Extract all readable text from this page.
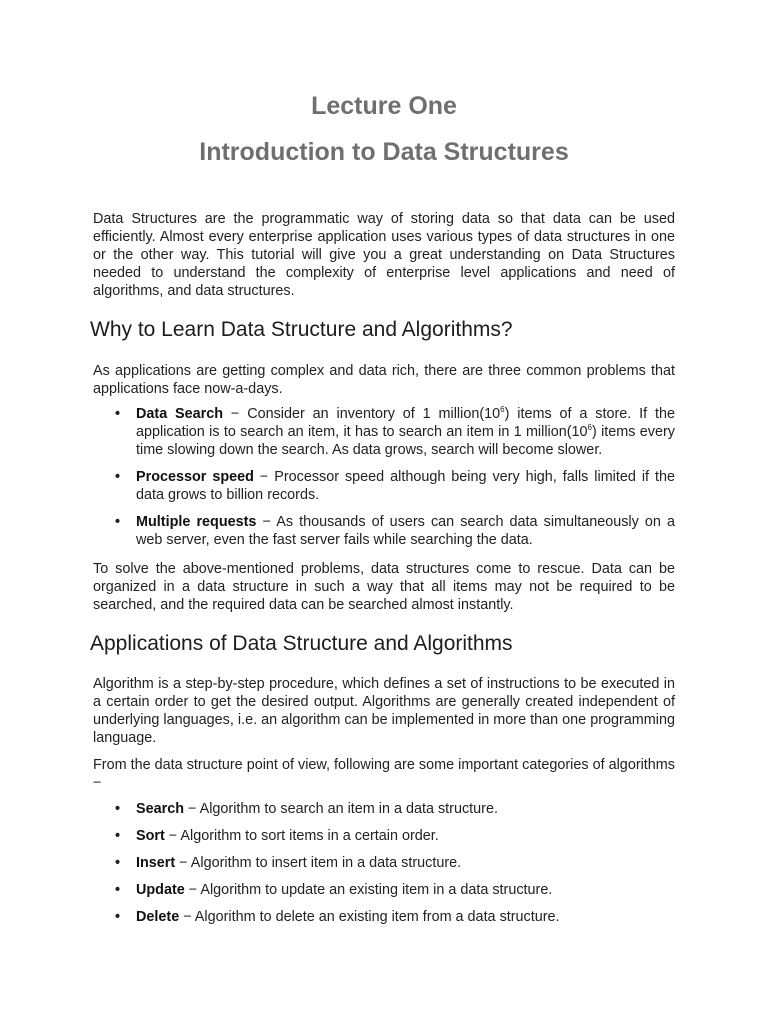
Lecture One
Introduction to Data Structures

Data Structures are the programmatic way of storing data so that data can be used efficiently. Almost every enterprise application uses various types of data structures in one or the other way. This tutorial will give you a great understanding on Data Structures needed to understand the complexity of enterprise level applications and need of algorithms, and data structures.

Why to Learn Data Structure and Algorithms?

As applications are getting complex and data rich, there are three common problems that applications face now-a-days.

• Data Search − Consider an inventory of 1 $million(10^6)$ items of a store. If the application is to search an item, it has to search an item in 1 $million(10^6)$ items every time slowing down the search. As data grows, search will become slower.
• Processor speed − Processor speed although being very high, falls limited if the data grows to billion records.
• Multiple requests − As thousands of users can search data simultaneously on a web server, even the fast server fails while searching the data.

To solve the above-mentioned problems, data structures come to rescue. Data can be organized in a data structure in such a way that all items may not be required to be searched, and the required data can be searched almost instantly.

Applications of Data Structure and Algorithms

Algorithm is a step-by-step procedure, which defines a set of instructions to be executed in a certain order to get the desired output. Algorithms are generally created independent of underlying languages, i.e. an algorithm can be implemented in more than one programming language.

From the data structure point of view, following are some important categories of algorithms −

• Search − Algorithm to search an item in a data structure.
• Sort − Algorithm to sort items in a certain order.
• Insert − Algorithm to insert item in a data structure.
• Update − Algorithm to update an existing item in a data structure.
• Delete − Algorithm to delete an existing item from a data structure.
